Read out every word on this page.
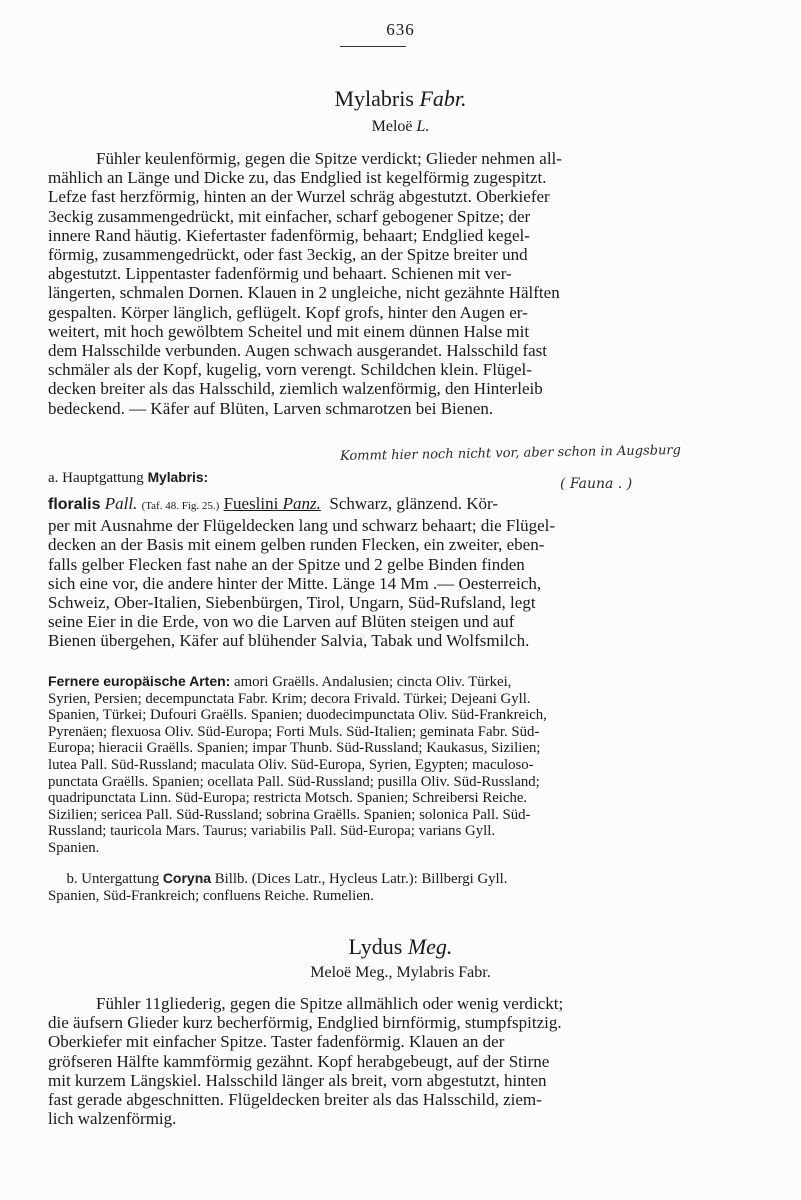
636
Mylabris Fabr.
Meloë L.
Fühler keulenförmig, gegen die Spitze verdickt; Glieder nehmen all-
mählich an Länge und Dicke zu, das Endglied ist kegelförmig zugespitzt.
Lefze fast herzförmig, hinten an der Wurzel schräg abgestutzt. Oberkiefer
3eckig zusammengedrückt, mit einfacher, scharf gebogener Spitze; der
innere Rand häutig. Kiefertaster fadenförmig, behaart; Endglied kegel-
förmig, zusammengedrückt, oder fast 3eckig, an der Spitze breiter und
abgestutzt. Lippentaster fadenförmig und behaart. Schienen mit ver-
längerten, schmalen Dornen. Klauen in 2 ungleiche, nicht gezähnte Hälften
gespalten. Körper länglich, geflügelt. Kopf grofs, hinter den Augen er-
weitert, mit hoch gewölbtem Scheitel und mit einem dünnen Halse mit
dem Halsschilde verbunden. Augen schwach ausgerandet. Halsschild fast
schmäler als der Kopf, kugelig, vorn verengt. Schildchen klein. Flügel-
decken breiter als das Halsschild, ziemlich walzenförmig, den Hinterleib
bedeckend. — Käfer auf Blüten, Larven schmarotzen bei Bienen.
Kommt hier noch nicht vor, aber schon in Augsburg
( Fauna . )
a. Hauptgattung Mylabris:
floralis Pall. (Taf. 48. Fig. 25.) Fueslini Panz. Schwarz, glänzend. Kör-
per mit Ausnahme der Flügeldecken lang und schwarz behaart; die Flügel-
decken an der Basis mit einem gelben runden Flecken, ein zweiter, eben-
falls gelber Flecken fast nahe an der Spitze und 2 gelbe Binden finden
sich eine vor, die andere hinter der Mitte. Länge 14 Mm .— Oesterreich,
Schweiz, Ober-Italien, Siebenbürgen, Tirol, Ungarn, Süd-Rufsland, legt
seine Eier in die Erde, von wo die Larven auf Blüten steigen und auf
Bienen übergehen, Käfer auf blühender Salvia, Tabak und Wolfsmilch.
Fernere europäische Arten: amori Graëlls. Andalusien; cincta Oliv. Türkei,
Syrien, Persien; decempunctata Fabr. Krim; decora Frivald. Türkei; Dejeani Gyll.
Spanien, Türkei; Dufouri Graëlls. Spanien; duodecimpunctata Oliv. Süd-Frankreich,
Pyrenäen; flexuosa Oliv. Süd-Europa; Forti Muls. Süd-Italien; geminata Fabr. Süd-
Europa; hieracii Graëlls. Spanien; impar Thunb. Süd-Russland; Kaukasus, Sizilien;
lutea Pall. Süd-Russland; maculata Oliv. Süd-Europa, Syrien, Egypten; maculoso-
punctata Graëlls. Spanien; ocellata Pall. Süd-Russland; pusilla Oliv. Süd-Russland;
quadripunctata Linn. Süd-Europa; restricta Motsch. Spanien; Schreibersi Reiche.
Sizilien; sericea Pall. Süd-Russland; sobrina Graëlls. Spanien; solonica Pall. Süd-
Russland; tauricola Mars. Taurus; variabilis Pall. Süd-Europa; varians Gyll.
Spanien.
b. Untergattung Coryna Billb. (Dices Latr., Hycleus Latr.): Billbergi Gyll.
Spanien, Süd-Frankreich; confluens Reiche. Rumelien.
Lydus Meg.
Meloë Meg., Mylabris Fabr.
Fühler 11gliederig, gegen die Spitze allmählich oder wenig verdickt;
die äufsern Glieder kurz becherförmig, Endglied birnförmig, stumpfspitzig.
Oberkiefer mit einfacher Spitze. Taster fadenförmig. Klauen an der
gröfseren Hälfte kammförmig gezähnt. Kopf herabgebeugt, auf der Stirne
mit kurzem Längskiel. Halsschild länger als breit, vorn abgestutzt, hinten
fast gerade abgeschnitten. Flügeldecken breiter als das Halsschild, ziem-
lich walzenförmig.
